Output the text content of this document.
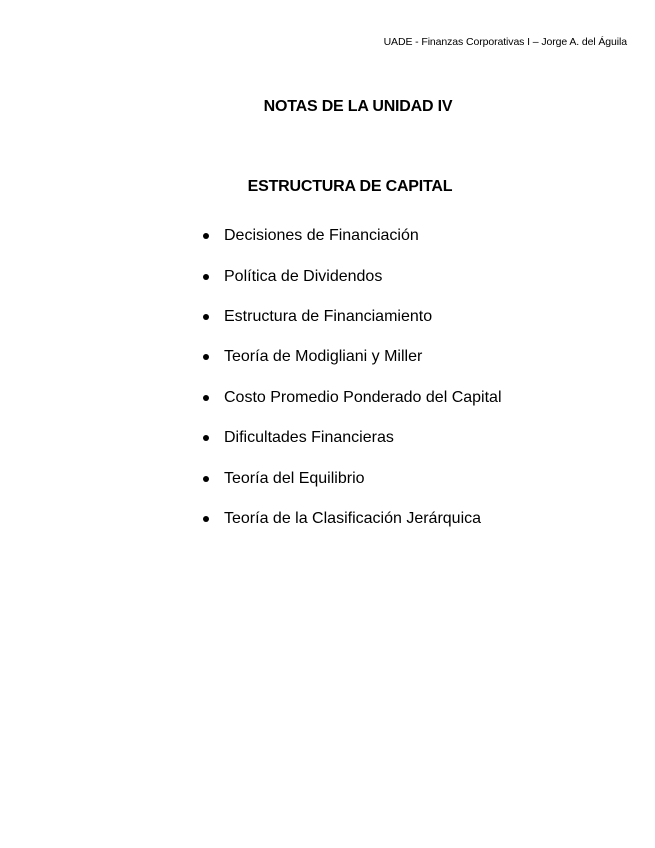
UADE - Finanzas Corporativas I – Jorge A. del Águila
NOTAS DE LA UNIDAD IV
ESTRUCTURA DE CAPITAL
Decisiones de Financiación
Política de Dividendos
Estructura de Financiamiento
Teoría de Modigliani y Miller
Costo Promedio Ponderado del Capital
Dificultades Financieras
Teoría del Equilibrio
Teoría de la Clasificación Jerárquica
